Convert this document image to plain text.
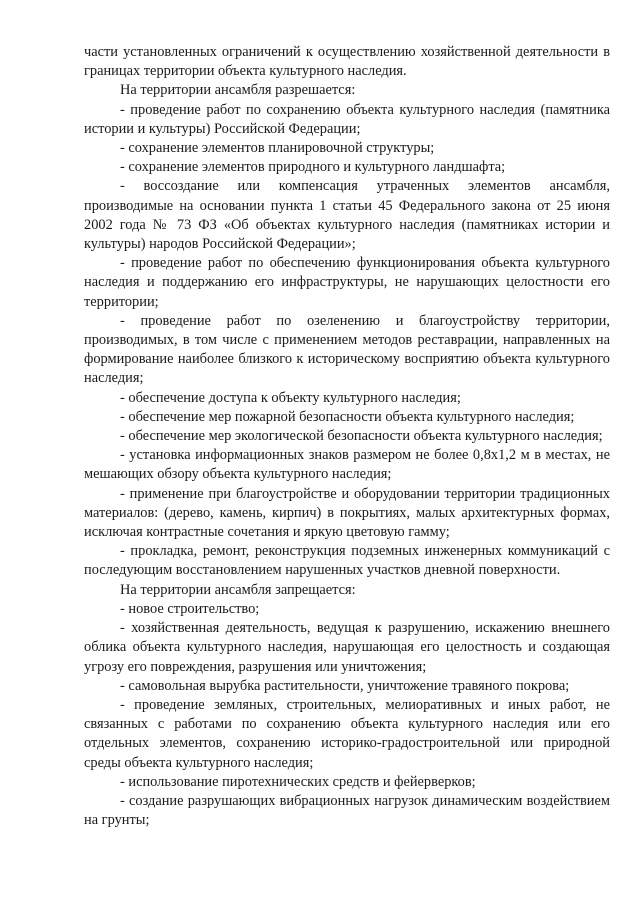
части установленных ограничений к осуществлению хозяйственной деятельности в границах территории объекта культурного наследия.

На территории ансамбля разрешается:

- проведение работ по сохранению объекта культурного наследия (памятника истории и культуры) Российской Федерации;

- сохранение элементов планировочной структуры;

- сохранение элементов природного и культурного ландшафта;

- воссоздание или компенсация утраченных элементов ансамбля, производимые на основании пункта 1 статьи 45 Федерального закона от 25 июня 2002 года № 73 ФЗ «Об объектах культурного наследия (памятниках истории и культуры) народов Российской Федерации»;

- проведение работ по обеспечению функционирования объекта культурного наследия и поддержанию его инфраструктуры, не нарушающих целостности его территории;

- проведение работ по озеленению и благоустройству территории, производимых, в том числе с применением методов реставрации, направленных на формирование наиболее близкого к историческому восприятию объекта культурного наследия;

- обеспечение доступа к объекту культурного наследия;

- обеспечение мер пожарной безопасности объекта культурного наследия;

- обеспечение мер экологической безопасности объекта культурного наследия;

- установка информационных знаков размером не более 0,8х1,2 м в местах, не мешающих обзору объекта культурного наследия;

- применение при благоустройстве и оборудовании территории традиционных материалов: (дерево, камень, кирпич) в покрытиях, малых архитектурных формах, исключая контрастные сочетания и яркую цветовую гамму;

- прокладка, ремонт, реконструкция подземных инженерных коммуникаций с последующим восстановлением нарушенных участков дневной поверхности.

На территории ансамбля запрещается:

- новое строительство;

- хозяйственная деятельность, ведущая к разрушению, искажению внешнего облика объекта культурного наследия, нарушающая его целостность и создающая угрозу его повреждения, разрушения или уничтожения;

- самовольная вырубка растительности, уничтожение травяного покрова;

- проведение земляных, строительных, мелиоративных и иных работ, не связанных с работами по сохранению объекта культурного наследия или его отдельных элементов, сохранению историко-градостроительной или природной среды объекта культурного наследия;

- использование пиротехнических средств и фейерверков;

- создание разрушающих вибрационных нагрузок динамическим воздействием на грунты;
